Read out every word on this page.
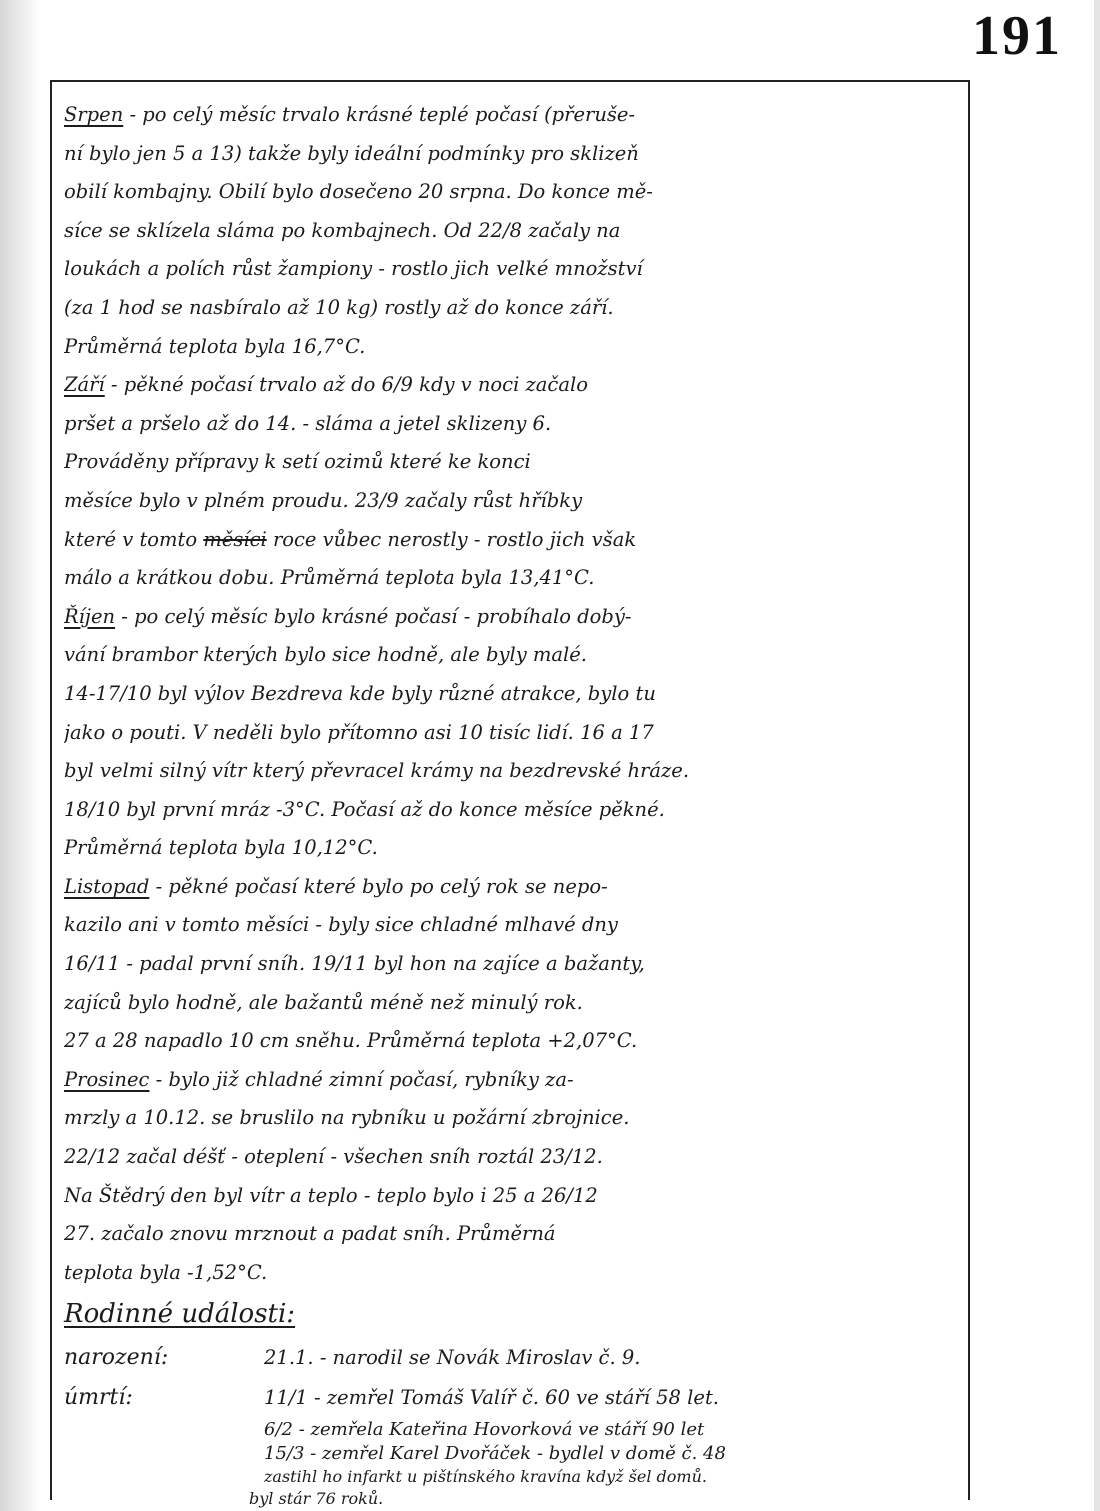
191
Srpen - po celý měsíc trvalo krásné teplé počasí (přeruše-
ní bylo jen 5 a 13) takže byly ideální podmínky pro sklizeň
obilí kombajny. Obilí bylo dosečeno 20 srpna. Do konce mě-
síce se sklízela sláma po kombajnech. Od 22/8 začaly na
loukách a polích růst žampiony - rostlo jich velké množství
(za 1 hod se nasbíralo až 10 kg) rostly až do konce září.
Průměrná teplota byla 16,7°C.
Září - pěkné počasí trvalo až do 6/9 kdy v noci začalo
pršet a pršelo až do 14. - sláma a jetel sklizeny 6.
Prováděny přípravy k setí ozimů které ke konci
měsíce bylo v plném proudu. 23/9 začaly růst hříbky
které v tomto měsíci roce vůbec nerostly - rostlo jich však
málo a krátkou dobu. Průměrná teplota byla 13,41°C.
Říjen - po celý měsíc bylo krásné počasí - probíhalo dobý-
vání brambor kterých bylo sice hodně, ale byly malé.
14-17/10 byl výlov Bezdreva kde byly různé atrakce, bylo tu
jako o pouti. V neděli bylo přítomno asi 10 tisíc lidí. 16 a 17
byl velmi silný vítr který převracel krámy na bezdrevské hráze.
18/10 byl první mráz -3°C. Počasí až do konce měsíce pěkné.
Průměrná teplota byla 10,12°C.
Listopad - pěkné počasí které bylo po celý rok se nepo-
kazilo ani v tomto měsíci - byly sice chladné mlhavé dny
16/11 - padal první sníh. 19/11 byl hon na zajíce a bažanty,
zajíců bylo hodně, ale bažantů méně než minulý rok.
27 a 28 napadlo 10 cm sněhu. Průměrná teplota +2,07°C.
Prosinec - bylo již chladné zimní počasí, rybníky za-
mrzly a 10.12. se bruslilo na rybníku u požární zbrojnice.
22/12 začal déšť - oteplení - všechen sníh roztál 23/12.
Na Štědrý den byl vítr a teplo - teplo bylo i 25 a 26/12
27. začalo znovu mrznout a padat sníh. Průměrná
teplota byla -1,52°C.
Rodinné události:
narození:	21.1. - narodil se Novák Miroslav č. 9.
úmrtí:	11/1 - zemřel Tomáš Valíř č. 60 ve stáří 58 let.
6/2 - zemřela Kateřina Hovorková ve stáří 90 let
15/3 - zemřel Karel Dvořáček - bydlel v domě č. 48
zastihl ho infarkt u pištínského kravína když šel domů.
byl stár 76 roků.
